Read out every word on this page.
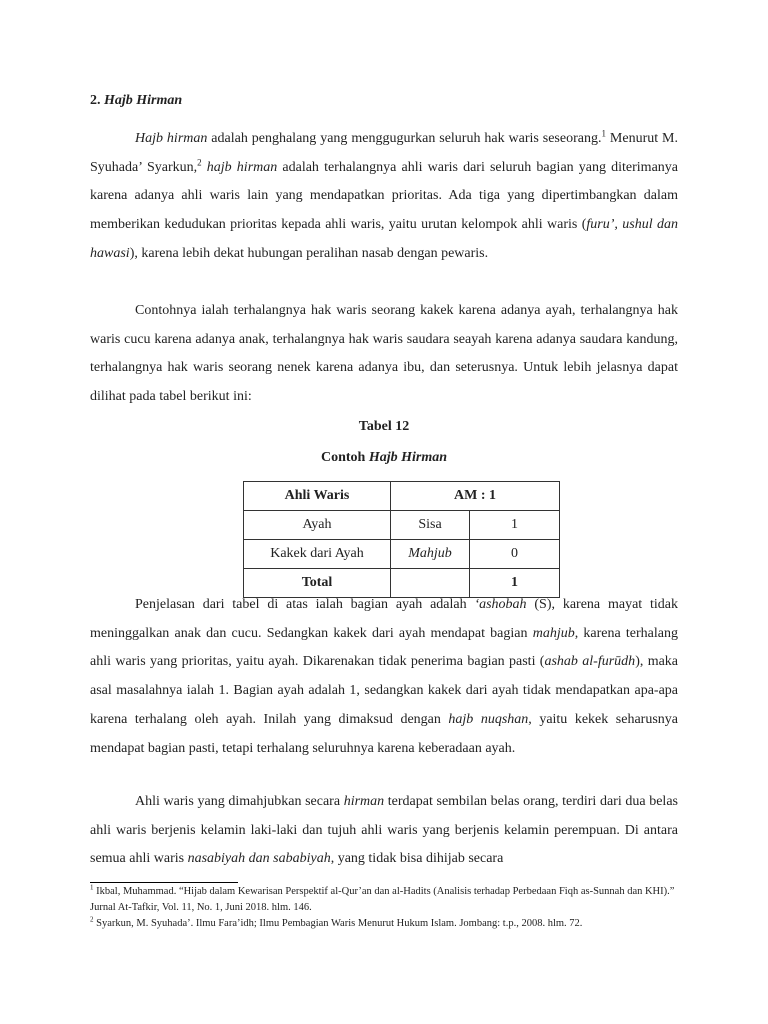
2. Hajb Hirman

Hajb hirman adalah penghalang yang menggugurkan seluruh hak waris seseorang.$^1$ Menurut M. Syuhada’ Syarkun,$^2$ hajb hirman adalah terhalangnya ahli waris dari seluruh bagian yang diterimanya karena adanya ahli waris lain yang mendapatkan prioritas. Ada tiga yang dipertimbangkan dalam memberikan kedudukan prioritas kepada ahli waris, yaitu urutan kelompok ahli waris (furu’, ushul dan hawasi), karena lebih dekat hubungan peralihan nasab dengan pewaris.

Contohnya ialah terhalangnya hak waris seorang kakek karena adanya ayah, terhalangnya hak waris cucu karena adanya anak, terhalangnya hak waris saudara seayah karena adanya saudara kandung, terhalangnya hak waris seorang nenek karena adanya ibu, dan seterusnya. Untuk lebih jelasnya dapat dilihat pada tabel berikut ini:

Tabel 12
Contoh Hajb Hirman
Ahli Waris	AM : 1	
Ayah	Sisa	1
Kakek dari Ayah	Mahjub	0
Total		1

Penjelasan dari tabel di atas ialah bagian ayah adalah ‘ashobah (S), karena mayat tidak meninggalkan anak dan cucu. Sedangkan kakek dari ayah mendapat bagian mahjub, karena terhalang ahli waris yang prioritas, yaitu ayah. Dikarenakan tidak penerima bagian pasti (ashab al-furūdh), maka asal masalahnya ialah 1. Bagian ayah adalah 1, sedangkan kakek dari ayah tidak mendapatkan apa-apa karena terhalang oleh ayah. Inilah yang dimaksud dengan hajb nuqshan, yaitu kekek seharusnya mendapat bagian pasti, tetapi terhalang seluruhnya karena keberadaan ayah.

Ahli waris yang dimahjubkan secara hirman terdapat sembilan belas orang, terdiri dari dua belas ahli waris berjenis kelamin laki-laki dan tujuh ahli waris yang berjenis kelamin perempuan. Di antara semua ahli waris nasabiyah dan sababiyah, yang tidak bisa dihijab secara

$^1$ Ikbal, Muhammad. “Hijab dalam Kewarisan Perspektif al-Qur’an dan al-Hadits (Analisis terhadap Perbedaan Fiqh as-Sunnah dan KHI).” Jurnal At-Tafkir, Vol. 11, No. 1, Juni 2018. hlm. 146.

$^2$ Syarkun, M. Syuhada’. Ilmu Fara’idh; Ilmu Pembagian Waris Menurut Hukum Islam. Jombang: t.p., 2008. hlm. 72.
